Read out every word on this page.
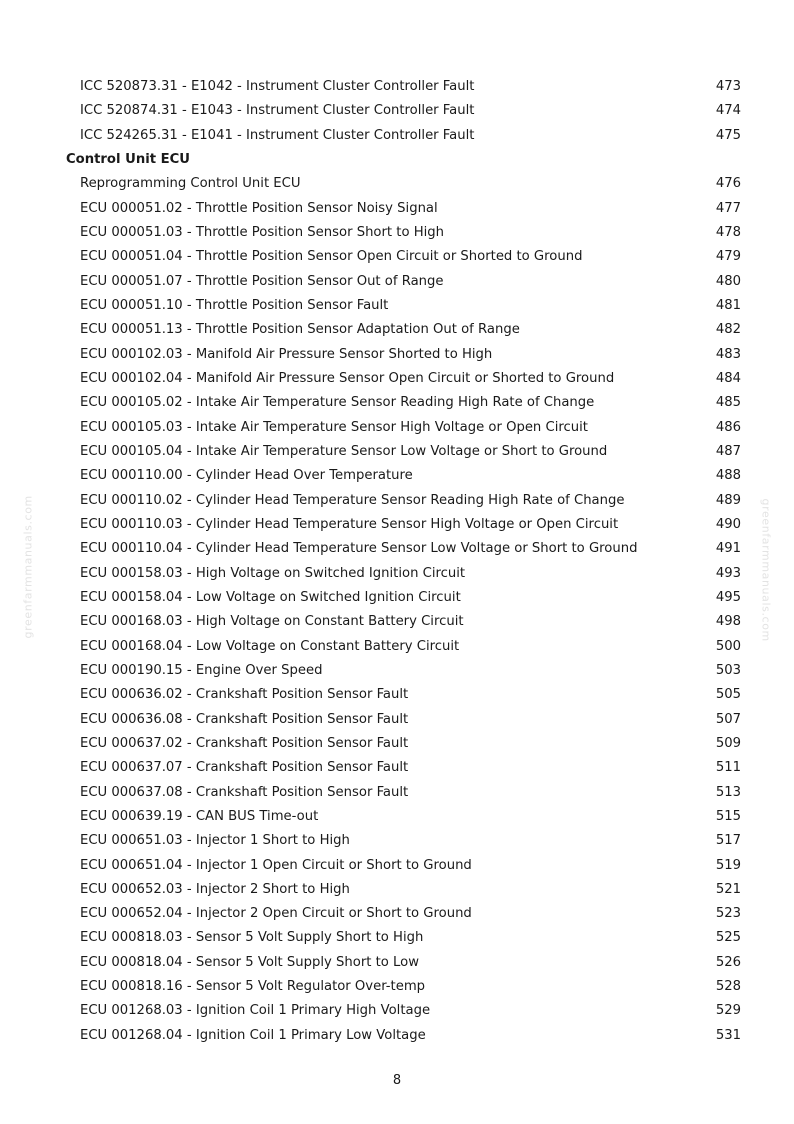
greenfarmmanuals.com	greenfarmmanuals.com
ICC 520873.31 - E1042 - Instrument Cluster Controller Fault	473
ICC 520874.31 - E1043 - Instrument Cluster Controller Fault	474
ICC 524265.31 - E1041 - Instrument Cluster Controller Fault	475
Control Unit ECU
Reprogramming Control Unit ECU	476
ECU 000051.02 - Throttle Position Sensor Noisy Signal	477
ECU 000051.03 - Throttle Position Sensor Short to High	478
ECU 000051.04 - Throttle Position Sensor Open Circuit or Shorted to Ground	479
ECU 000051.07 - Throttle Position Sensor Out of Range	480
ECU 000051.10 - Throttle Position Sensor Fault	481
ECU 000051.13 - Throttle Position Sensor Adaptation Out of Range	482
ECU 000102.03 - Manifold Air Pressure Sensor Shorted to High	483
ECU 000102.04 - Manifold Air Pressure Sensor Open Circuit or Shorted to Ground	484
ECU 000105.02 - Intake Air Temperature Sensor Reading High Rate of Change	485
ECU 000105.03 - Intake Air Temperature Sensor High Voltage or Open Circuit	486
ECU 000105.04 - Intake Air Temperature Sensor Low Voltage or Short to Ground	487
ECU 000110.00 - Cylinder Head Over Temperature	488
ECU 000110.02 - Cylinder Head Temperature Sensor Reading High Rate of Change	489
ECU 000110.03 - Cylinder Head Temperature Sensor High Voltage or Open Circuit	490
ECU 000110.04 - Cylinder Head Temperature Sensor Low Voltage or Short to Ground	491
ECU 000158.03 - High Voltage on Switched Ignition Circuit	493
ECU 000158.04 - Low Voltage on Switched Ignition Circuit	495
ECU 000168.03 - High Voltage on Constant Battery Circuit	498
ECU 000168.04 - Low Voltage on Constant Battery Circuit	500
ECU 000190.15 - Engine Over Speed	503
ECU 000636.02 - Crankshaft Position Sensor Fault	505
ECU 000636.08 - Crankshaft Position Sensor Fault	507
ECU 000637.02 - Crankshaft Position Sensor Fault	509
ECU 000637.07 - Crankshaft Position Sensor Fault	511
ECU 000637.08 - Crankshaft Position Sensor Fault	513
ECU 000639.19 - CAN BUS Time-out	515
ECU 000651.03 - Injector 1 Short to High	517
ECU 000651.04 - Injector 1 Open Circuit or Short to Ground	519
ECU 000652.03 - Injector 2 Short to High	521
ECU 000652.04 - Injector 2 Open Circuit or Short to Ground	523
ECU 000818.03 - Sensor 5 Volt Supply Short to High	525
ECU 000818.04 - Sensor 5 Volt Supply Short to Low	526
ECU 000818.16 - Sensor 5 Volt Regulator Over-temp	528
ECU 001268.03 - Ignition Coil 1 Primary High Voltage	529
ECU 001268.04 - Ignition Coil 1 Primary Low Voltage	531
8
